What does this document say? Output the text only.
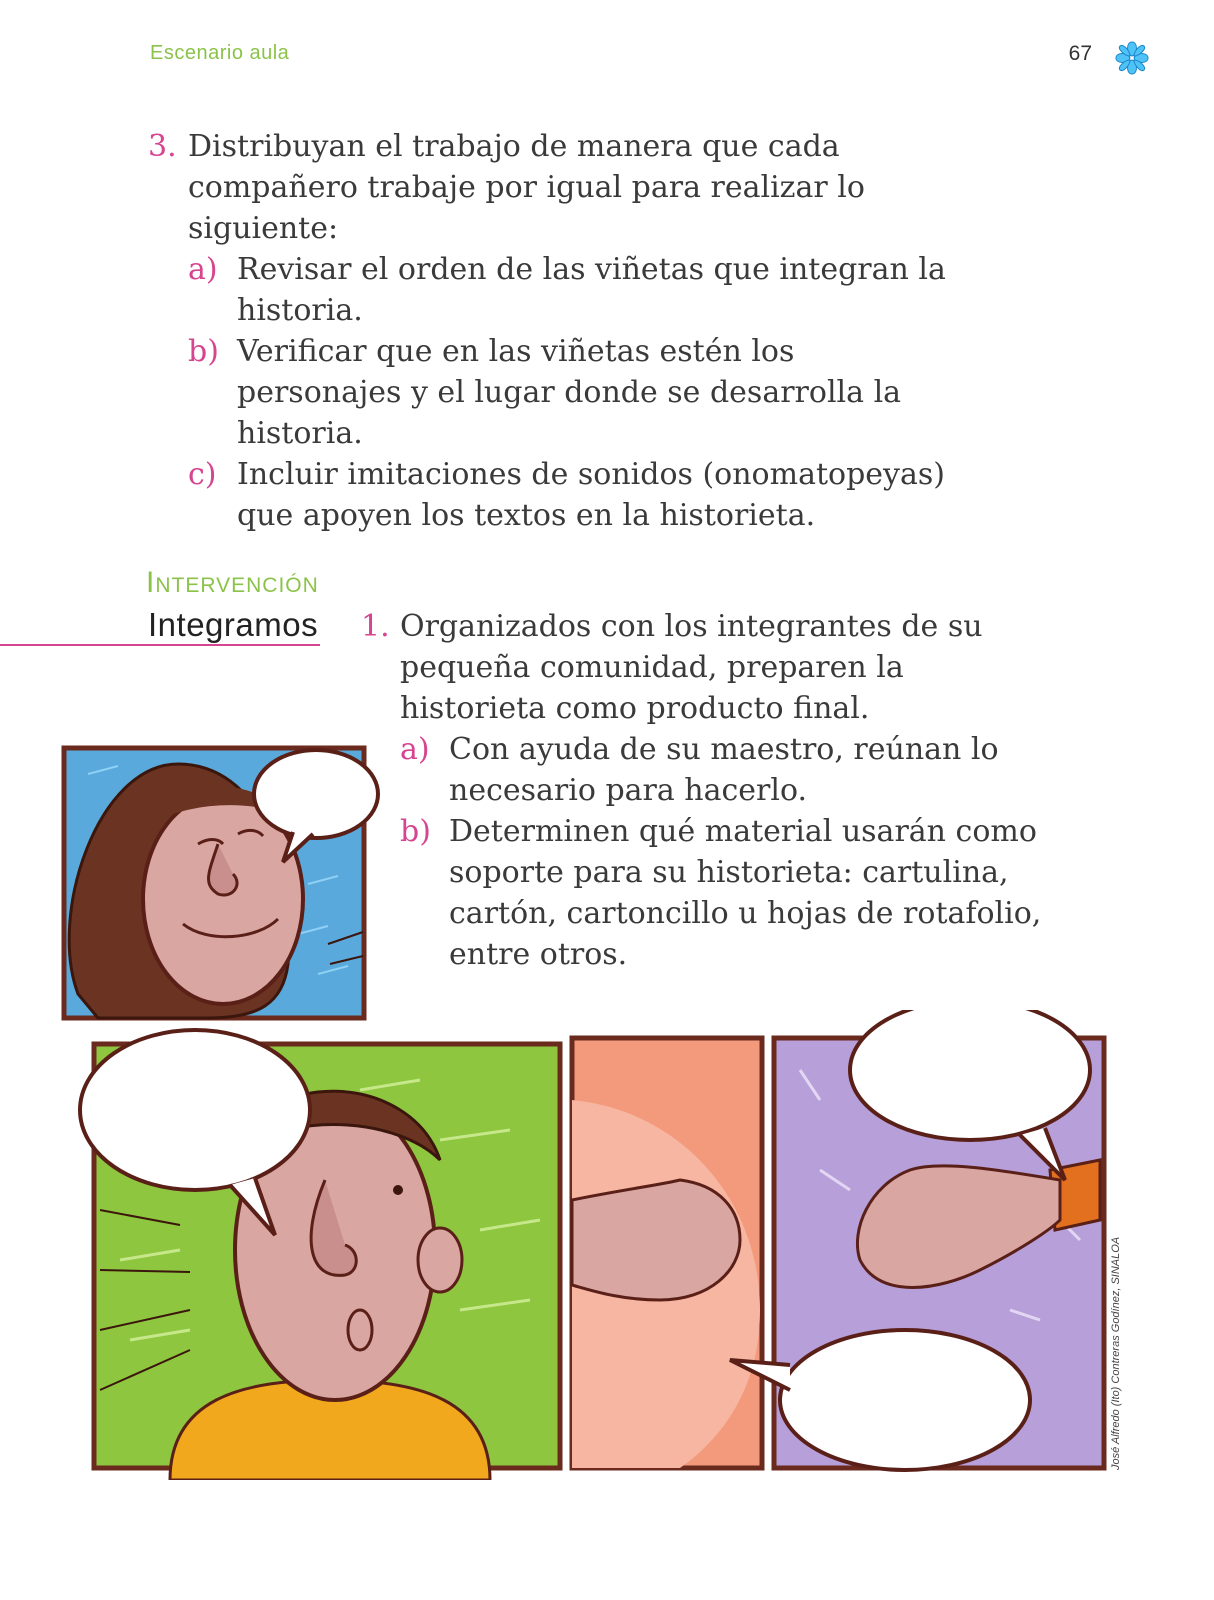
Escenario aula	67
3. Distribuyan el trabajo de manera que cada compañero trabaje por igual para realizar lo siguiente:
a) Revisar el orden de las viñetas que integran la historia.
b) Verificar que en las viñetas estén los personajes y el lugar donde se desarrolla la historia.
c) Incluir imitaciones de sonidos (onomatopeyas) que apoyen los textos en la historieta.
Intervención
Integramos 1. Organizados con los integrantes de su pequeña comunidad, preparen la historieta como producto final.
a) Con ayuda de su maestro, reúnan lo necesario para hacerlo.
b) Determinen qué material usarán como soporte para su historieta: cartulina, cartón, cartoncillo u hojas de rotafolio, entre otros.
José Alfredo (Ito) Contreras Godínez, SINALOA
